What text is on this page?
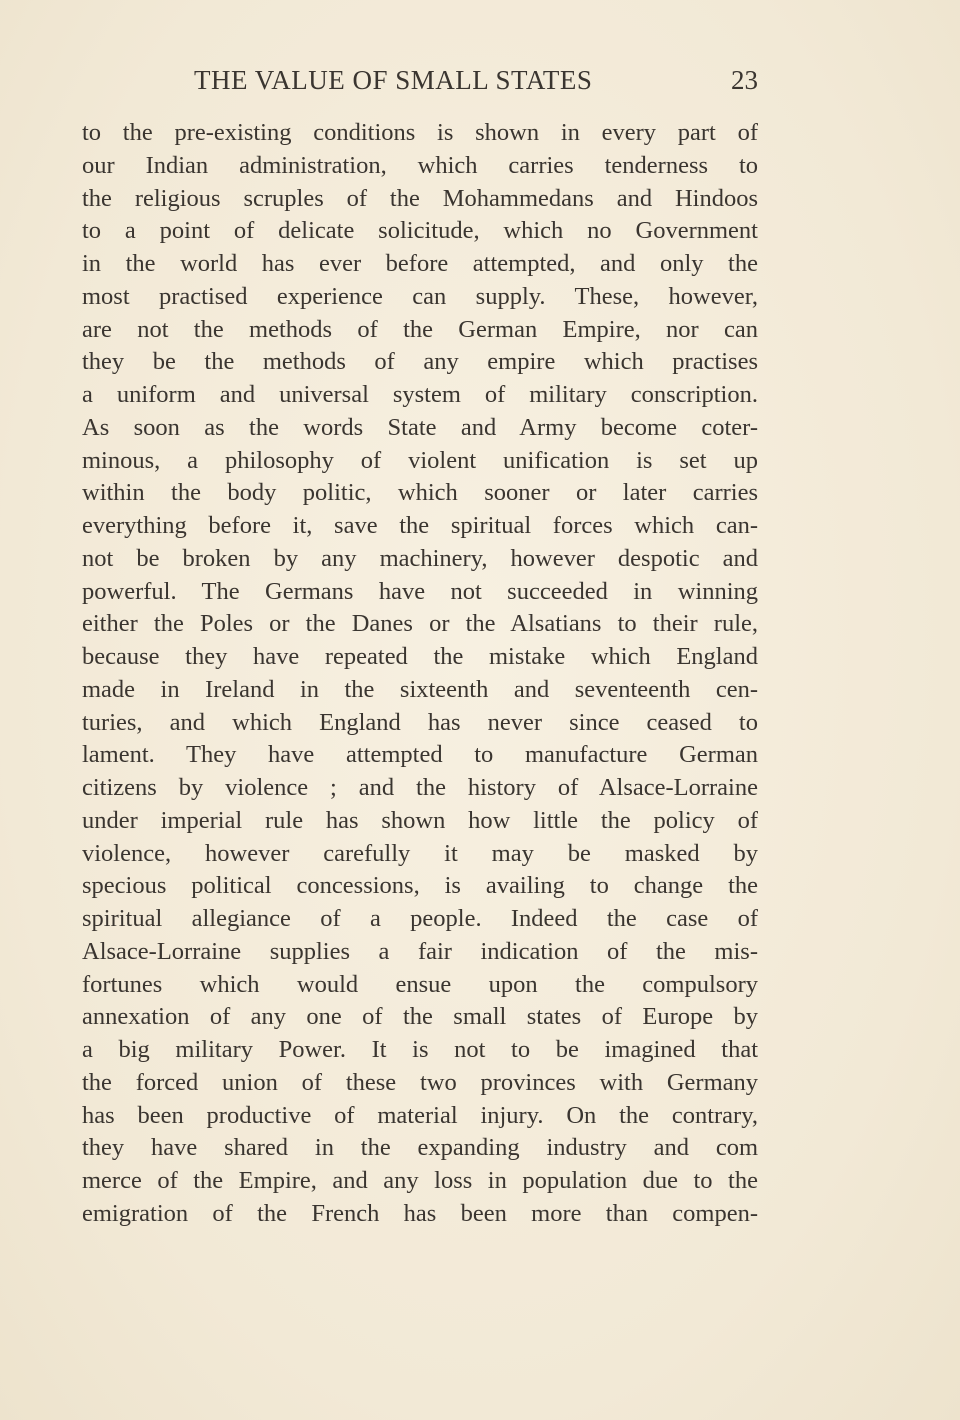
THE VALUE OF SMALL STATES	23
to the pre-existing conditions is shown in every part of
our Indian administration, which carries tenderness to
the religious scruples of the Mohammedans and Hindoos
to a point of delicate solicitude, which no Government
in the world has ever before attempted, and only the
most practised experience can supply. These, however,
are not the methods of the German Empire, nor can
they be the methods of any empire which practises
a uniform and universal system of military conscription.
As soon as the words State and Army become coter-
minous, a philosophy of violent unification is set up
within the body politic, which sooner or later carries
everything before it, save the spiritual forces which can-
not be broken by any machinery, however despotic and
powerful. The Germans have not succeeded in winning
either the Poles or the Danes or the Alsatians to their rule,
because they have repeated the mistake which England
made in Ireland in the sixteenth and seventeenth cen-
turies, and which England has never since ceased to
lament. They have attempted to manufacture German
citizens by violence ; and the history of Alsace-Lorraine
under imperial rule has shown how little the policy of
violence, however carefully it may be masked by
specious political concessions, is availing to change the
spiritual allegiance of a people. Indeed the case of
Alsace-Lorraine supplies a fair indication of the mis-
fortunes which would ensue upon the compulsory
annexation of any one of the small states of Europe by
a big military Power. It is not to be imagined that
the forced union of these two provinces with Germany
has been productive of material injury. On the contrary,
they have shared in the expanding industry and com
merce of the Empire, and any loss in population due to the
emigration of the French has been more than compen-
